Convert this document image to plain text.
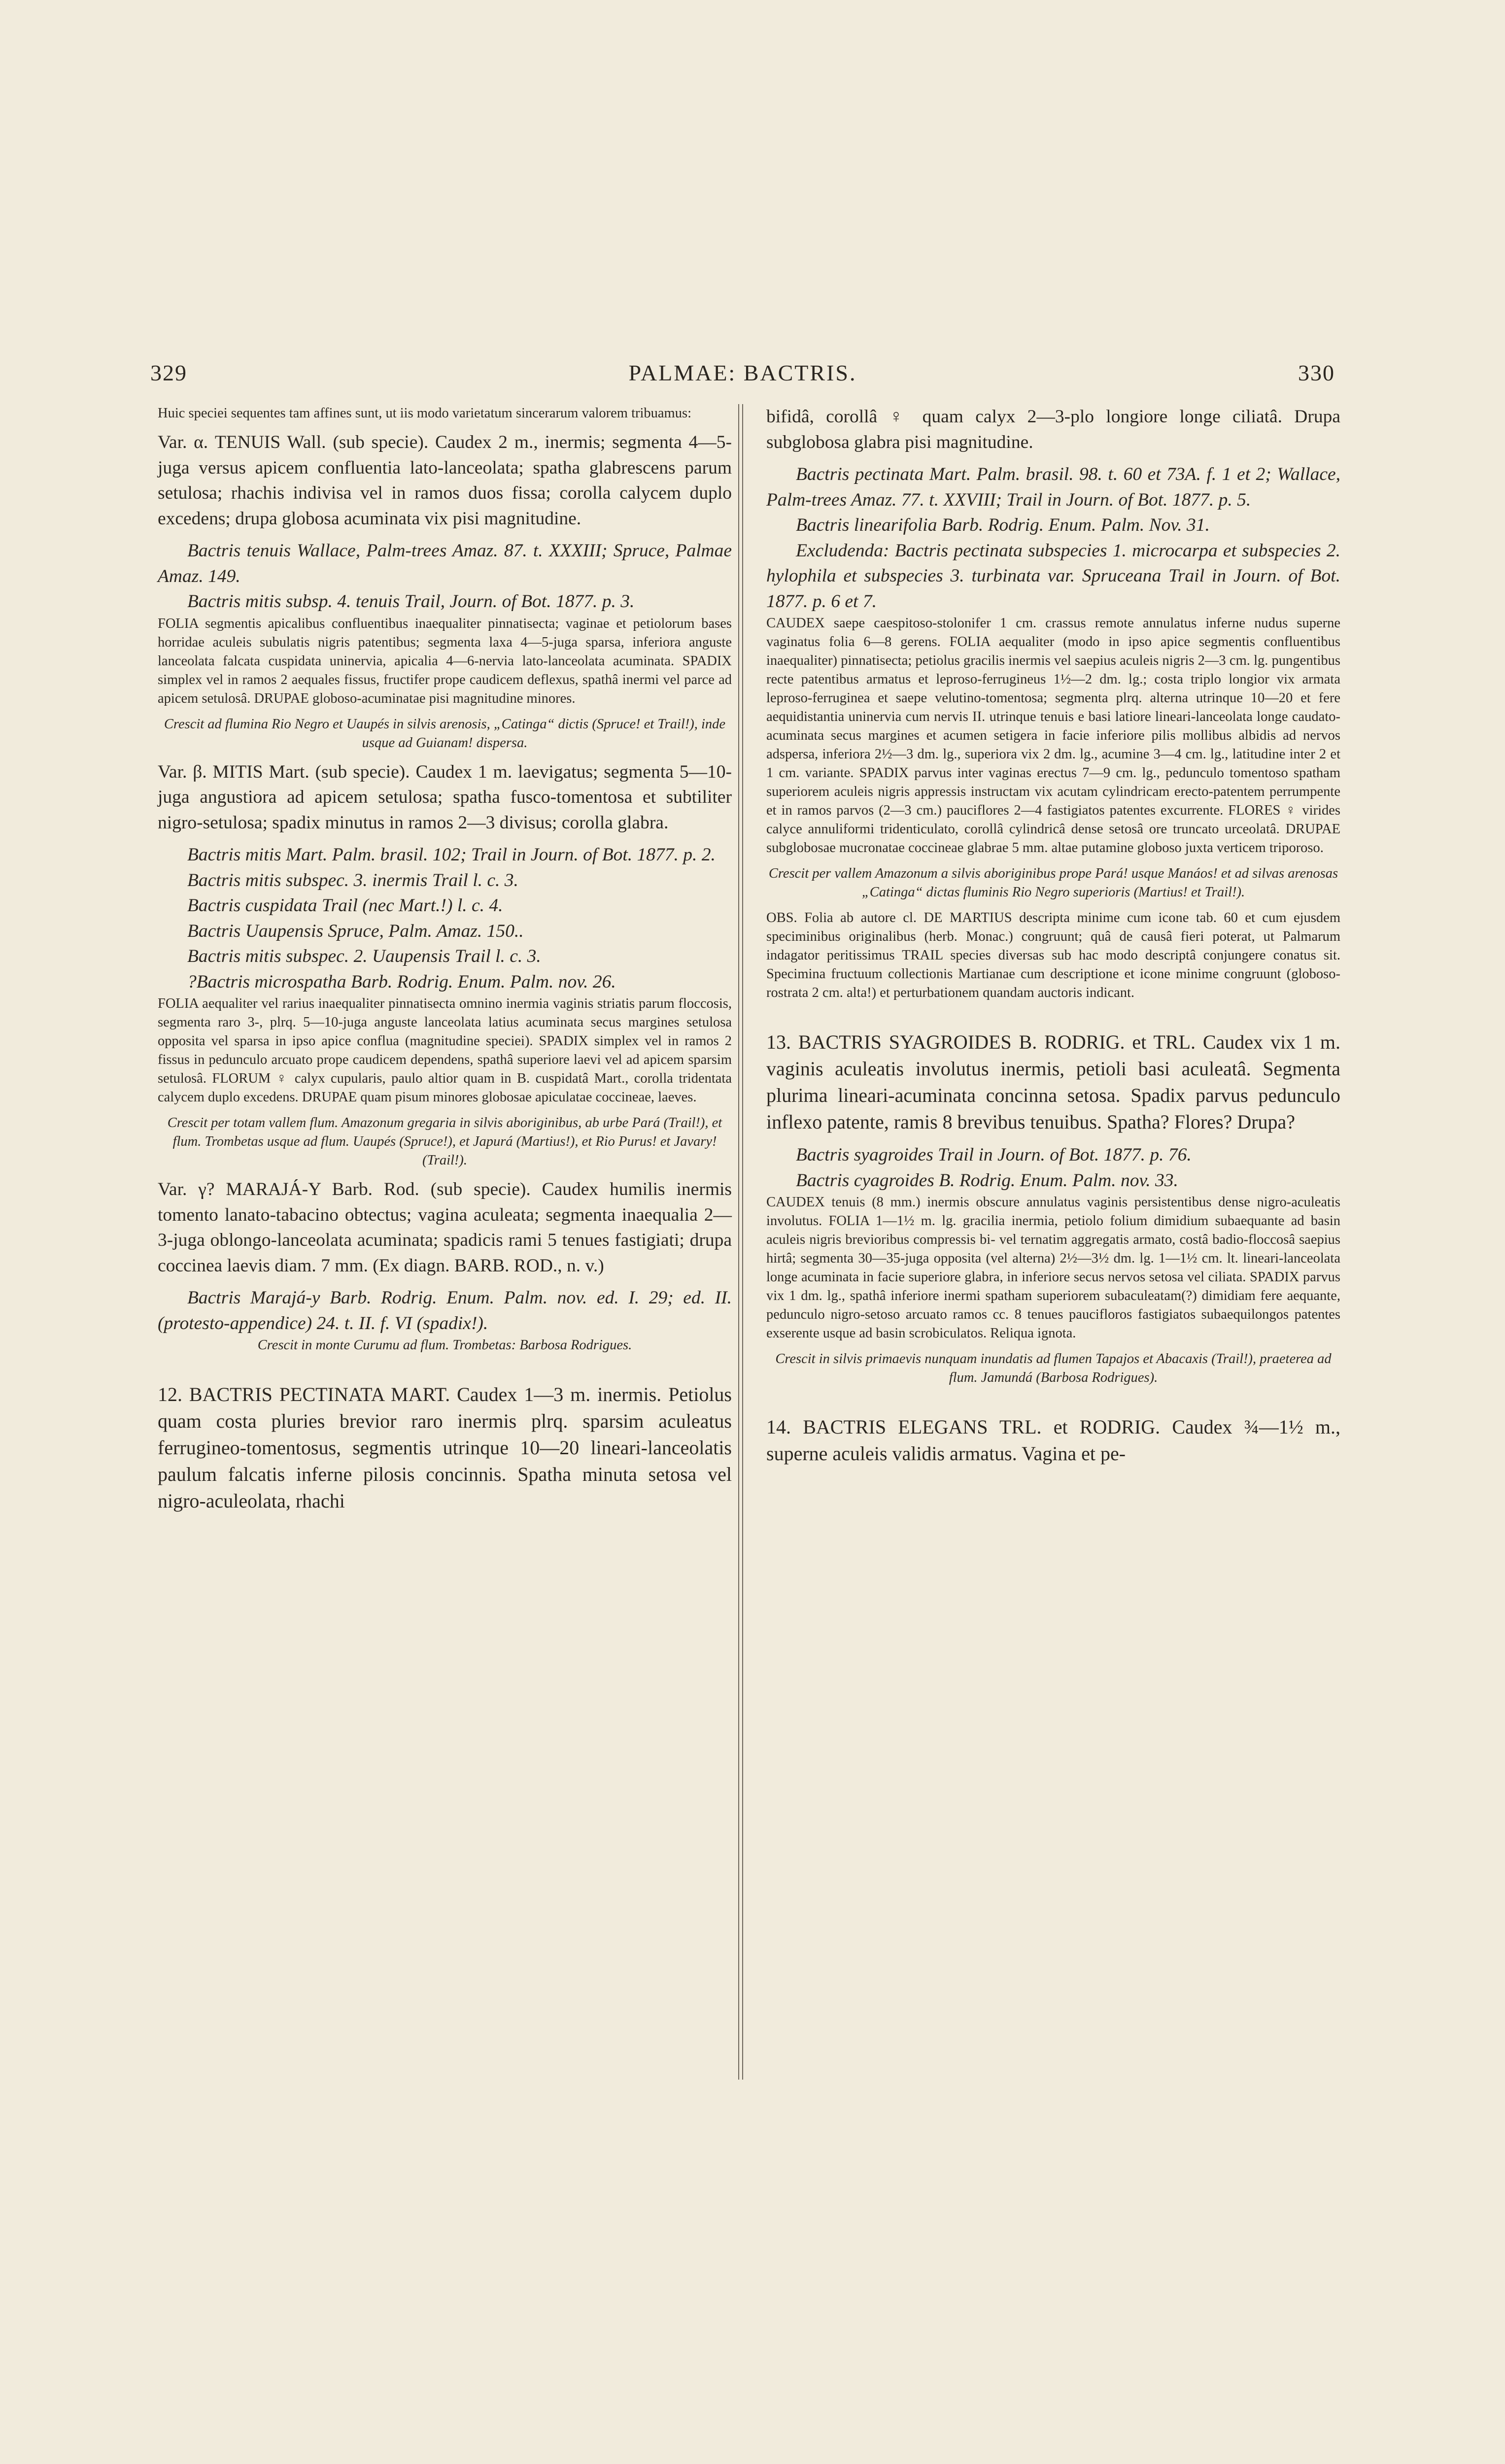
329	PALMAE: BACTRIS.	330

Huic speciei sequentes tam affines sunt, ut iis modo varietatum sincerarum valorem tribuamus:

Var. α. TENUIS Wall. (sub specie). Caudex 2 m., inermis; segmenta 4—5-juga versus apicem confluentia lato-lanceolata; spatha glabrescens parum setulosa; rhachis indivisa vel in ramos duos fissa; corolla calycem duplo excedens; drupa globosa acuminata vix pisi magnitudine.

Bactris tenuis Wallace, Palm-trees Amaz. 87. t. XXXIII; Spruce, Palmae Amaz. 149.

Bactris mitis subsp. 4. tenuis Trail, Journ. of Bot. 1877. p. 3.

FOLIA segmentis apicalibus confluentibus inaequaliter pinnatisecta; vaginae et petiolorum bases horridae aculeis subulatis nigris patentibus; segmenta laxa 4—5-juga sparsa, inferiora anguste lanceolata falcata cuspidata uninervia, apicalia 4—6-nervia lato-lanceolata acuminata. SPADIX simplex vel in ramos 2 aequales fissus, fructifer prope caudicem deflexus, spathâ inermi vel parce ad apicem setulosâ. DRUPAE globoso-acuminatae pisi magnitudine minores.

Crescit ad flumina Rio Negro et Uaupés in silvis arenosis, „Catinga“ dictis (Spruce! et Trail!), inde usque ad Guianam! dispersa.

Var. β. MITIS Mart. (sub specie). Caudex 1 m. laevigatus; segmenta 5—10-juga angustiora ad apicem setulosa; spatha fusco-tomentosa et subtiliter nigro-setulosa; spadix minutus in ramos 2—3 divisus; corolla glabra.

Bactris mitis Mart. Palm. brasil. 102; Trail in Journ. of Bot. 1877. p. 2.

Bactris mitis subspec. 3. inermis Trail l. c. 3.

Bactris cuspidata Trail (nec Mart.!) l. c. 4.

Bactris Uaupensis Spruce, Palm. Amaz. 150..

Bactris mitis subspec. 2. Uaupensis Trail l. c. 3.

?Bactris microspatha Barb. Rodrig. Enum. Palm. nov. 26.

FOLIA aequaliter vel rarius inaequaliter pinnatisecta omnino inermia vaginis striatis parum floccosis, segmenta raro 3-, plrq. 5—10-juga anguste lanceolata latius acuminata secus margines setulosa opposita vel sparsa in ipso apice conflua (magnitudine speciei). SPADIX simplex vel in ramos 2 fissus in pedunculo arcuato prope caudicem dependens, spathâ superiore laevi vel ad apicem sparsim setulosâ. FLORUM ♀ calyx cupularis, paulo altior quam in B. cuspidatâ Mart., corolla tridentata calycem duplo excedens. DRUPAE quam pisum minores globosae apiculatae coccineae, laeves.

Crescit per totam vallem flum. Amazonum gregaria in silvis aboriginibus, ab urbe Pará (Trail!), et flum. Trombetas usque ad flum. Uaupés (Spruce!), et Japurá (Martius!), et Rio Purus! et Javary! (Trail!).

Var. γ? MARAJÁ-Y Barb. Rod. (sub specie). Caudex humilis inermis tomento lanato-tabacino obtectus; vagina aculeata; segmenta inaequalia 2—3-juga oblongo-lanceolata acuminata; spadicis rami 5 tenues fastigiati; drupa coccinea laevis diam. 7 mm. (Ex diagn. BARB. ROD., n. v.)

Bactris Marajá-y Barb. Rodrig. Enum. Palm. nov. ed. I. 29; ed. II. (protesto-appendice) 24. t. II. f. VI (spadix!).

Crescit in monte Curumu ad flum. Trombetas: Barbosa Rodrigues.

12. BACTRIS PECTINATA MART. Caudex 1—3 m. inermis. Petiolus quam costa pluries brevior raro inermis plrq. sparsim aculeatus ferrugineo-tomentosus, segmentis utrinque 10—20 lineari-lanceolatis paulum falcatis inferne pilosis concinnis. Spatha minuta setosa vel nigro-aculeolata, rhachi

bifidâ, corollâ ♀ quam calyx 2—3-plo longiore longe ciliatâ. Drupa subglobosa glabra pisi magnitudine.

Bactris pectinata Mart. Palm. brasil. 98. t. 60 et 73A. f. 1 et 2; Wallace, Palm-trees Amaz. 77. t. XXVIII; Trail in Journ. of Bot. 1877. p. 5.

Bactris linearifolia Barb. Rodrig. Enum. Palm. Nov. 31.

Excludenda: Bactris pectinata subspecies 1. microcarpa et subspecies 2. hylophila et subspecies 3. turbinata var. Spruceana Trail in Journ. of Bot. 1877. p. 6 et 7.

CAUDEX saepe caespitoso-stolonifer 1 cm. crassus remote annulatus inferne nudus superne vaginatus folia 6—8 gerens. FOLIA aequaliter (modo in ipso apice segmentis confluentibus inaequaliter) pinnatisecta; petiolus gracilis inermis vel saepius aculeis nigris 2—3 cm. lg. pungentibus recte patentibus armatus et leproso-ferrugineus 1½—2 dm. lg.; costa triplo longior vix armata leproso-ferruginea et saepe velutino-tomentosa; segmenta plrq. alterna utrinque 10—20 et fere aequidistantia uninervia cum nervis II. utrinque tenuis e basi latiore lineari-lanceolata longe caudato-acuminata secus margines et acumen setigera in facie inferiore pilis mollibus albidis ad nervos adspersa, inferiora 2½—3 dm. lg., superiora vix 2 dm. lg., acumine 3—4 cm. lg., latitudine inter 2 et 1 cm. variante. SPADIX parvus inter vaginas erectus 7—9 cm. lg., pedunculo tomentoso spatham superiorem aculeis nigris appressis instructam vix acutam cylindricam erecto-patentem perrumpente et in ramos parvos (2—3 cm.) pauciflores 2—4 fastigiatos patentes excurrente. FLORES ♀ virides calyce annuliformi tridenticulato, corollâ cylindricâ dense setosâ ore truncato urceolatâ. DRUPAE subglobosae mucronatae coccineae glabrae 5 mm. altae putamine globoso juxta verticem triporoso.

Crescit per vallem Amazonum a silvis aboriginibus prope Pará! usque Manáos! et ad silvas arenosas „Catinga“ dictas fluminis Rio Negro superioris (Martius! et Trail!).

OBS. Folia ab autore cl. DE MARTIUS descripta minime cum icone tab. 60 et cum ejusdem speciminibus originalibus (herb. Monac.) congruunt; quâ de causâ fieri poterat, ut Palmarum indagator peritissimus TRAIL species diversas sub hac modo descriptâ conjungere conatus sit. Specimina fructuum collectionis Martianae cum descriptione et icone minime congruunt (globoso-rostrata 2 cm. alta!) et perturbationem quandam auctoris indicant.

13. BACTRIS SYAGROIDES B. RODRIG. et TRL. Caudex vix 1 m. vaginis aculeatis involutus inermis, petioli basi aculeatâ. Segmenta plurima lineari-acuminata concinna setosa. Spadix parvus pedunculo inflexo patente, ramis 8 brevibus tenuibus. Spatha? Flores? Drupa?

Bactris syagroides Trail in Journ. of Bot. 1877. p. 76.

Bactris cyagroides B. Rodrig. Enum. Palm. nov. 33.

CAUDEX tenuis (8 mm.) inermis obscure annulatus vaginis persistentibus dense nigro-aculeatis involutus. FOLIA 1—1½ m. lg. gracilia inermia, petiolo folium dimidium subaequante ad basin aculeis nigris brevioribus compressis bi- vel ternatim aggregatis armato, costâ badio-floccosâ saepius hirtâ; segmenta 30—35-juga opposita (vel alterna) 2½—3½ dm. lg. 1—1½ cm. lt. lineari-lanceolata longe acuminata in facie superiore glabra, in inferiore secus nervos setosa vel ciliata. SPADIX parvus vix 1 dm. lg., spathâ inferiore inermi spatham superiorem subaculeatam(?) dimidiam fere aequante, pedunculo nigro-setoso arcuato ramos cc. 8 tenues paucifloros fastigiatos subaequilongos patentes exserente usque ad basin scrobiculatos. Reliqua ignota.

Crescit in silvis primaevis nunquam inundatis ad flumen Tapajos et Abacaxis (Trail!), praeterea ad flum. Jamundá (Barbosa Rodrigues).

14. BACTRIS ELEGANS TRL. et RODRIG. Caudex ¾—1½ m., superne aculeis validis armatus. Vagina et pe-
